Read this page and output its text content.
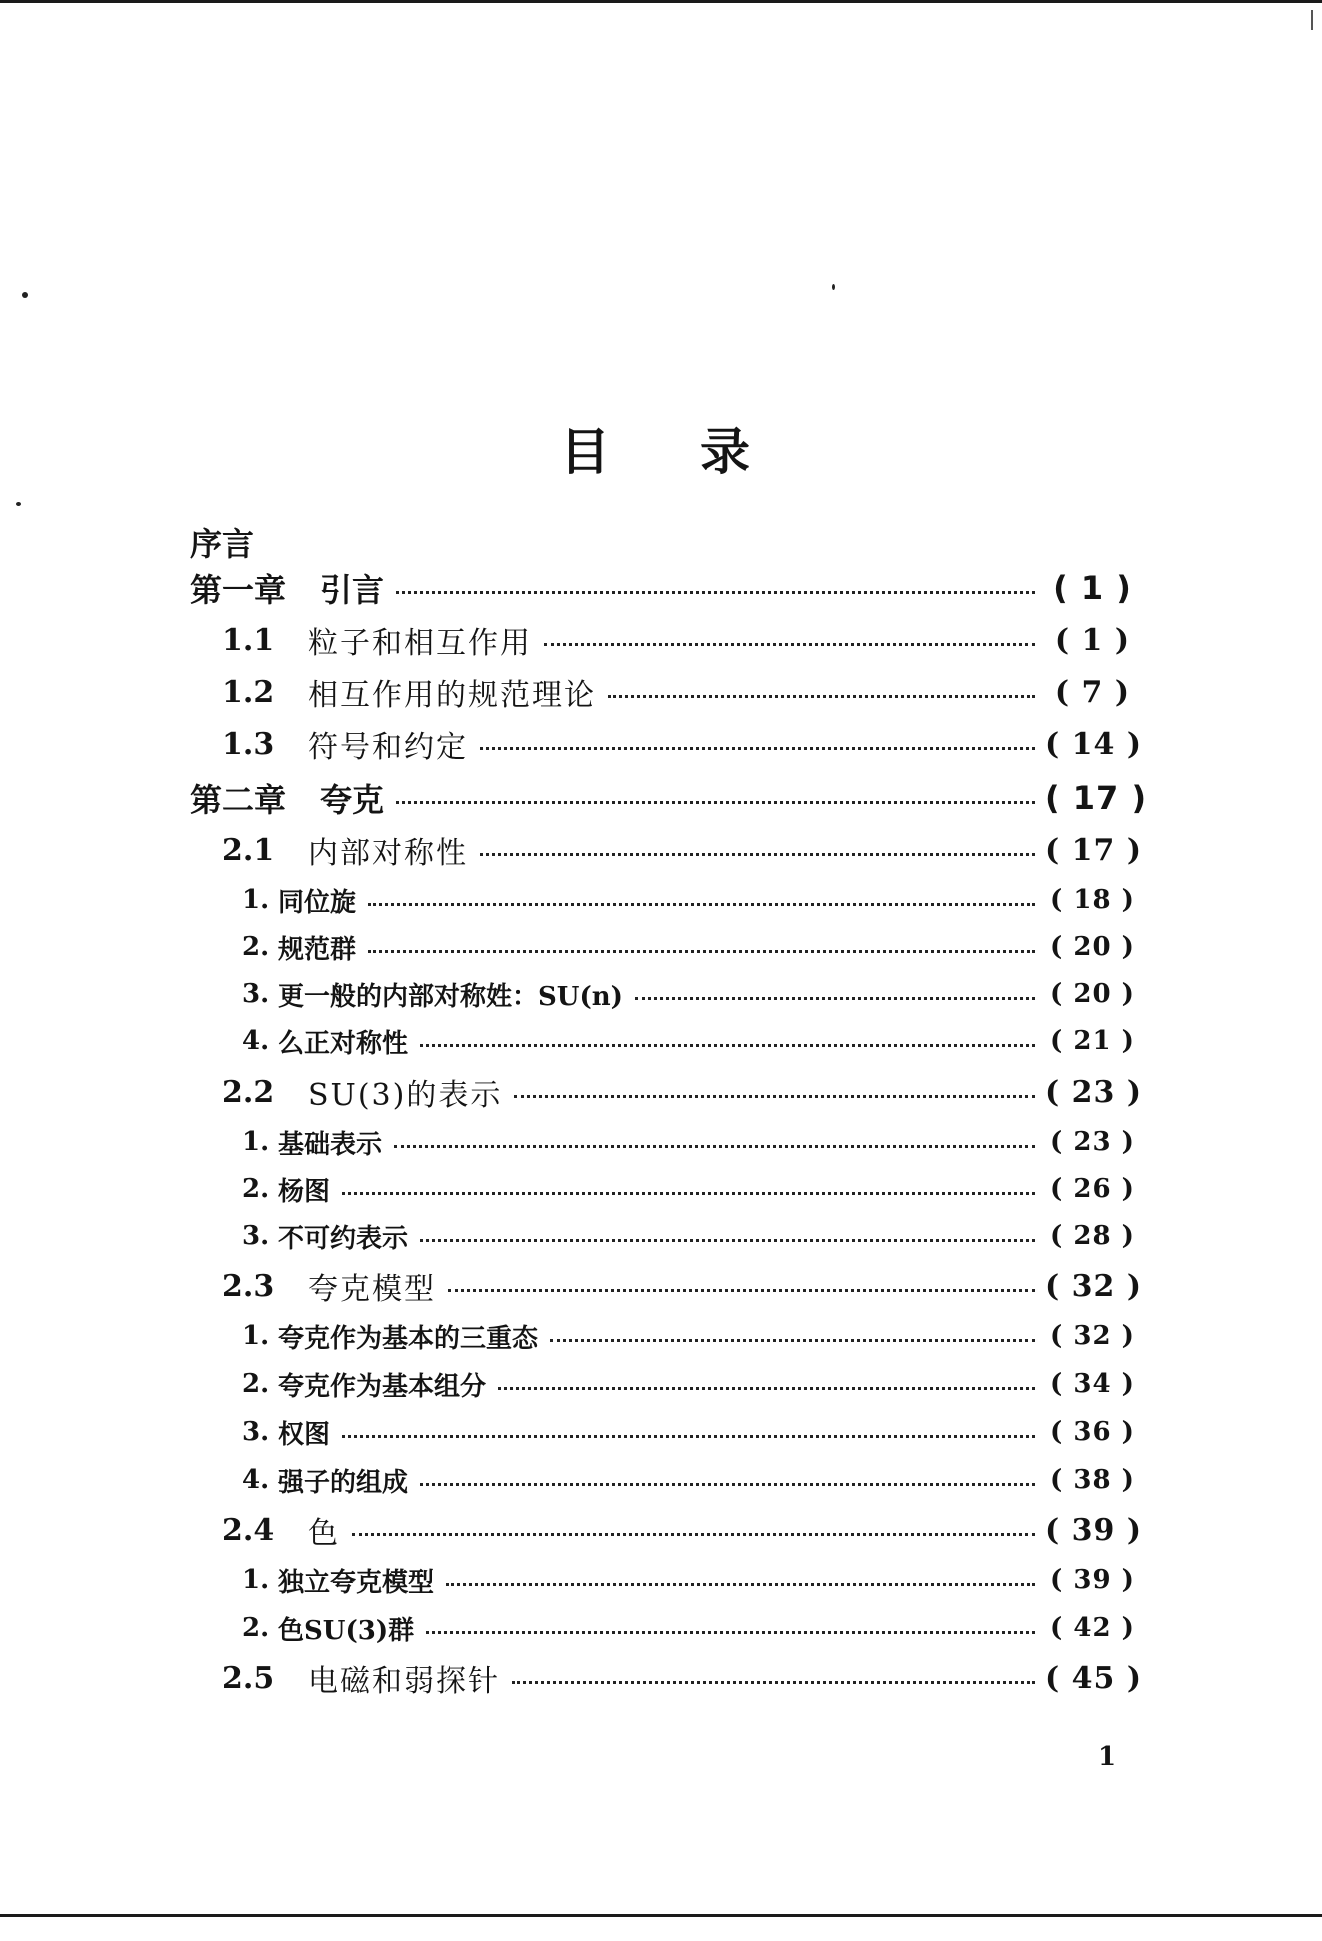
目 录
序言
第一章 引言	( 1 )
1.1 粒子和相互作用	( 1 )
1.2 相互作用的规范理论	( 7 )
1.3 符号和约定	( 14 )
第二章 夸克	( 17 )
2.1 内部对称性	( 17 )
1. 同位旋	( 18 )
2. 规范群	( 20 )
3. 更一般的内部对称姓：SU(n)	( 20 )
4. 么正对称性	( 21 )
2.2 SU(3)的表示	( 23 )
1. 基础表示	( 23 )
2. 杨图	( 26 )
3. 不可约表示	( 28 )
2.3 夸克模型	( 32 )
1. 夸克作为基本的三重态	( 32 )
2. 夸克作为基本组分	( 34 )
3. 权图	( 36 )
4. 强子的组成	( 38 )
2.4 色	( 39 )
1. 独立夸克模型	( 39 )
2. 色SU(3)群	( 42 )
2.5 电磁和弱探针	( 45 )
1
